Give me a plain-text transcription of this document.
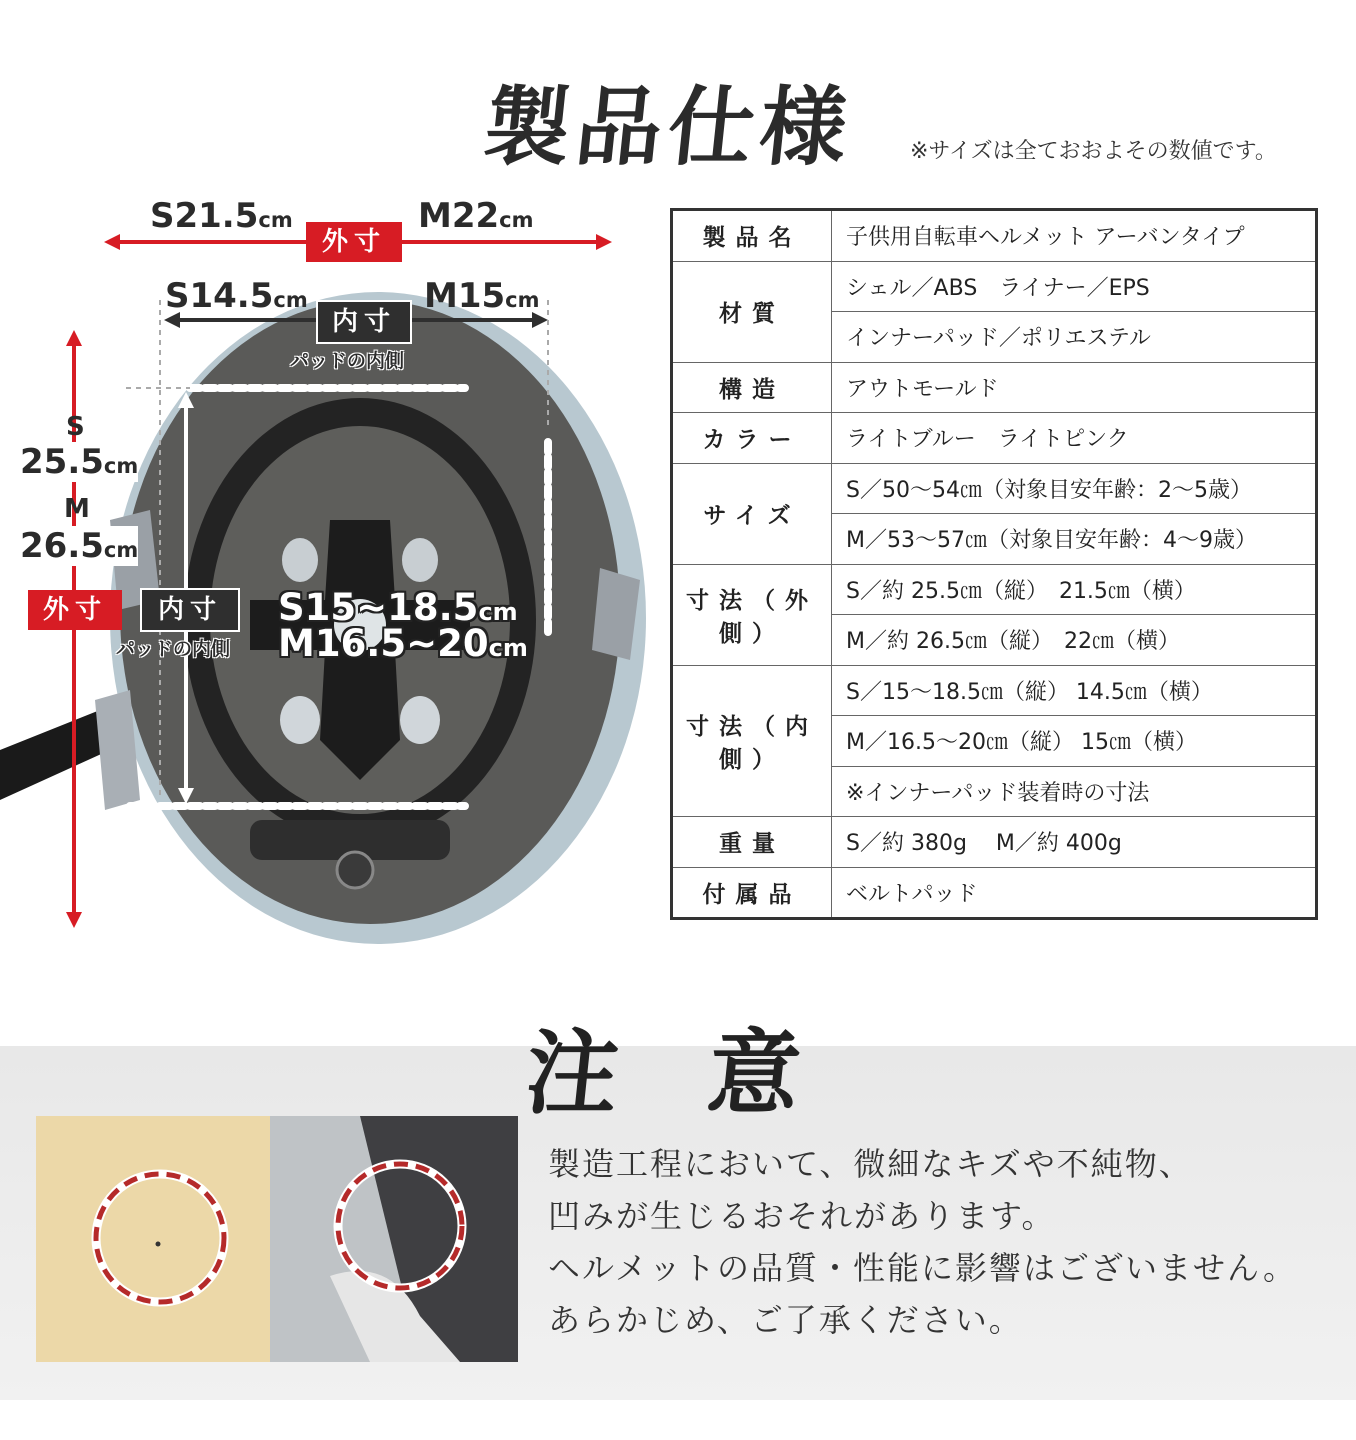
製品仕様 ※サイズは全ておおよその数値です。
S21.5cm	M22cm
外寸
S14.5cm	M15cm
内寸
パッドの内側
S
25.5cm
M
26.5cm
外寸	内寸
パッドの内側
S15~18.5cm
M16.5~20cm
製品名	子供用自転車ヘルメット アーバンタイプ
材質	シェル／ABS　ライナー／EPS
	インナーパッド／ポリエステル
構造	アウトモールド
カラー	ライトブルー　ライトピンク
サイズ	S／50～54㎝（対象目安年齢：2～5歳）
	M／53～57㎝（対象目安年齢：4～9歳）
寸法（外側）	S／約 25.5㎝（縦）　21.5㎝（横）
	M／約 26.5㎝（縦）　22㎝（横）
寸法（内側）	S／15～18.5㎝（縦） 14.5㎝（横）
	M／16.5～20㎝（縦） 15㎝（横）
	※インナーパッド装着時の寸法
重量	S／約 380g　 M／約 400g
付属品	ベルトパッド
注意
製造工程において、微細なキズや不純物、
凹みが生じるおそれがあります。
ヘルメットの品質・性能に影響はございません。
あらかじめ、ご了承ください。
